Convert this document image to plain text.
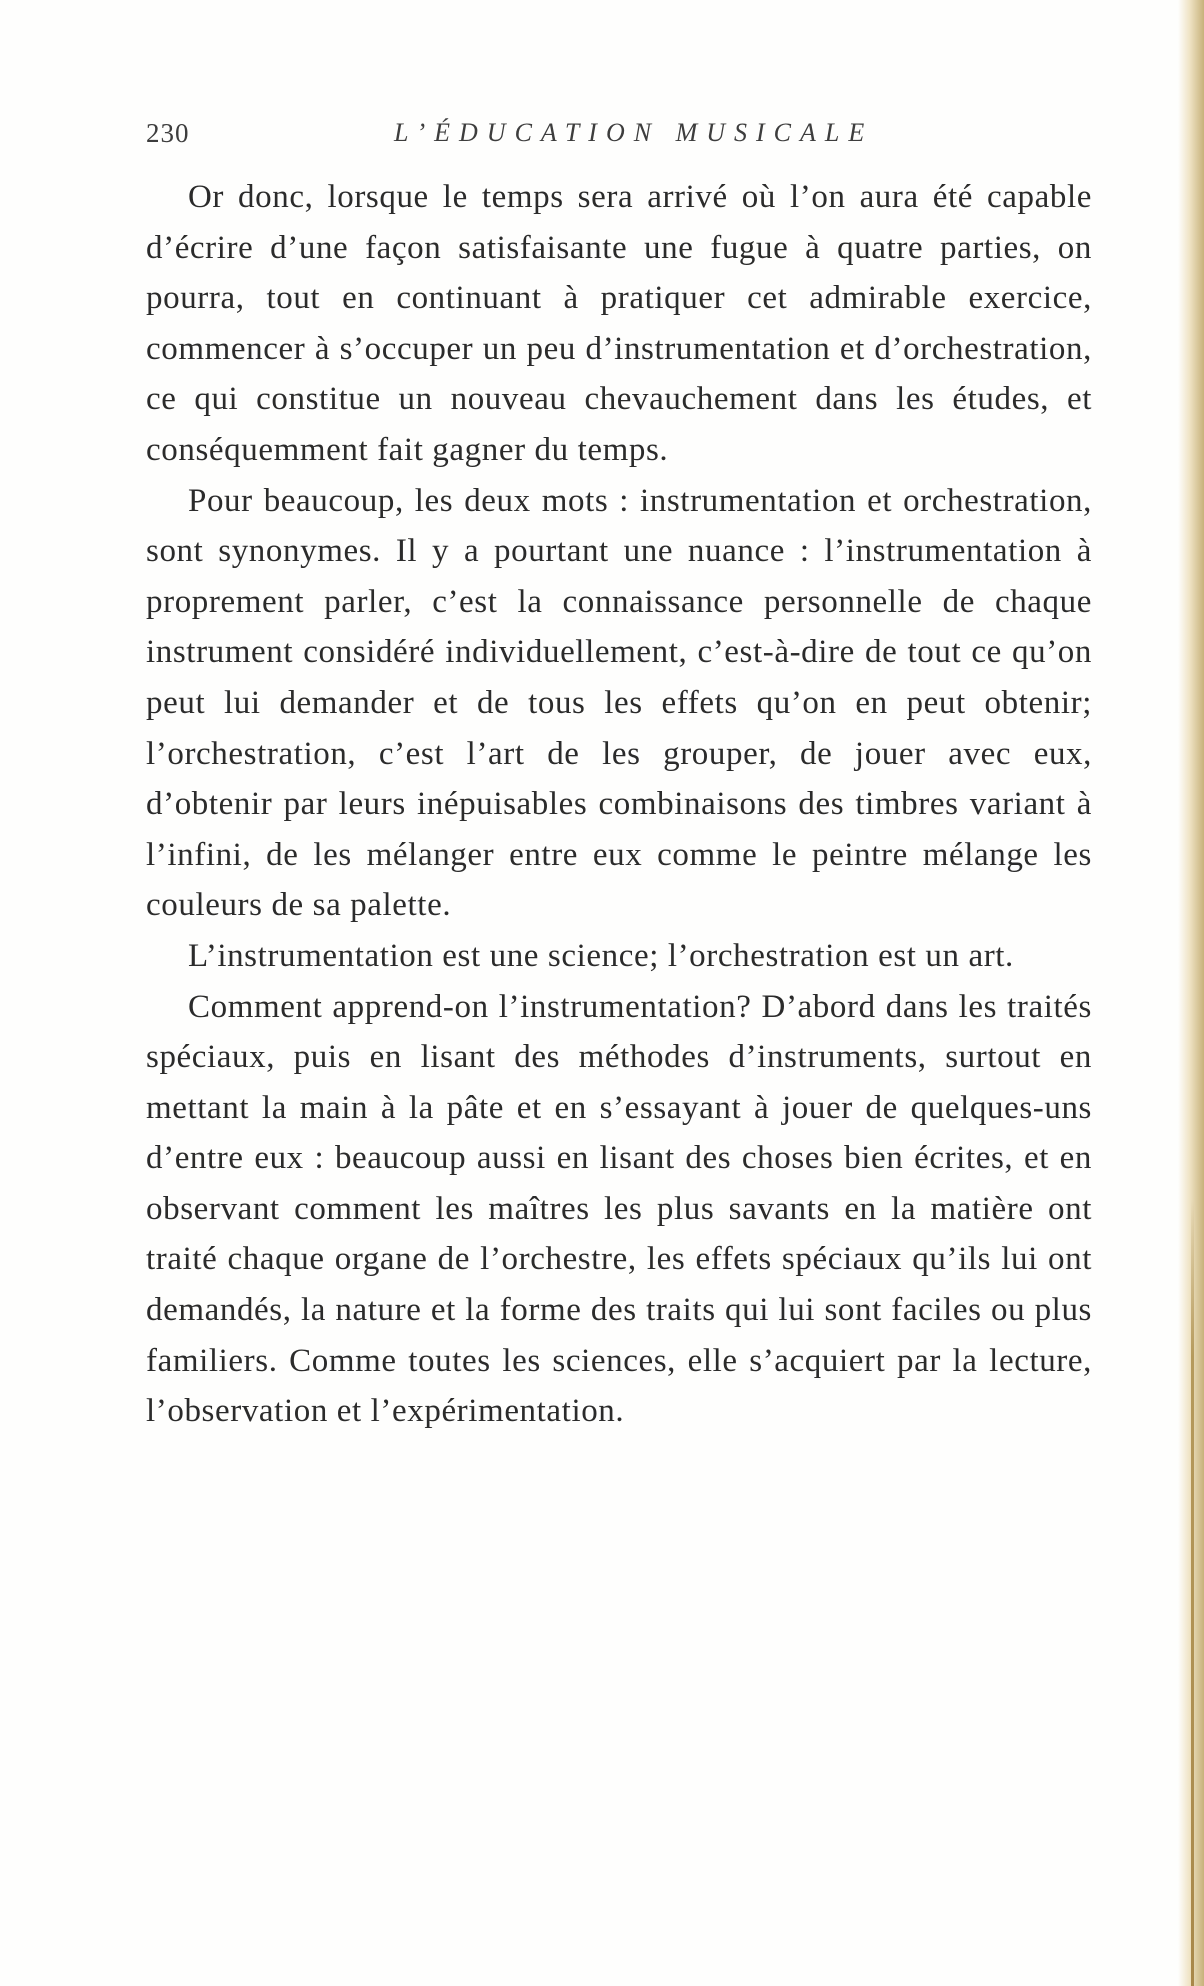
230	L’ÉDUCATION MUSICALE

Or donc, lorsque le temps sera arrivé où l’on aura été capable d’écrire d’une façon satisfaisante une fugue à quatre parties, on pourra, tout en continuant à pratiquer cet admirable exercice, commencer à s’occuper un peu d’instrumentation et d’orchestration, ce qui constitue un nouveau chevauchement dans les études, et conséquemment fait gagner du temps.

Pour beaucoup, les deux mots : instrumentation et orchestration, sont synonymes. Il y a pourtant une nuance : l’instrumentation à proprement parler, c’est la connaissance personnelle de chaque instrument considéré individuellement, c’est-à-dire de tout ce qu’on peut lui demander et de tous les effets qu’on en peut obtenir; l’orchestration, c’est l’art de les grouper, de jouer avec eux, d’obtenir par leurs inépuisables combinaisons des timbres variant à l’infini, de les mélanger entre eux comme le peintre mélange les couleurs de sa palette.

L’instrumentation est une science; l’orchestration est un art.

Comment apprend-on l’instrumentation? D’abord dans les traités spéciaux, puis en lisant des méthodes d’instruments, surtout en mettant la main à la pâte et en s’essayant à jouer de quelques-uns d’entre eux : beaucoup aussi en lisant des choses bien écrites, et en observant comment les maîtres les plus savants en la matière ont traité chaque organe de l’orchestre, les effets spéciaux qu’ils lui ont demandés, la nature et la forme des traits qui lui sont faciles ou plus familiers. Comme toutes les sciences, elle s’acquiert par la lecture, l’observation et l’expérimentation.
